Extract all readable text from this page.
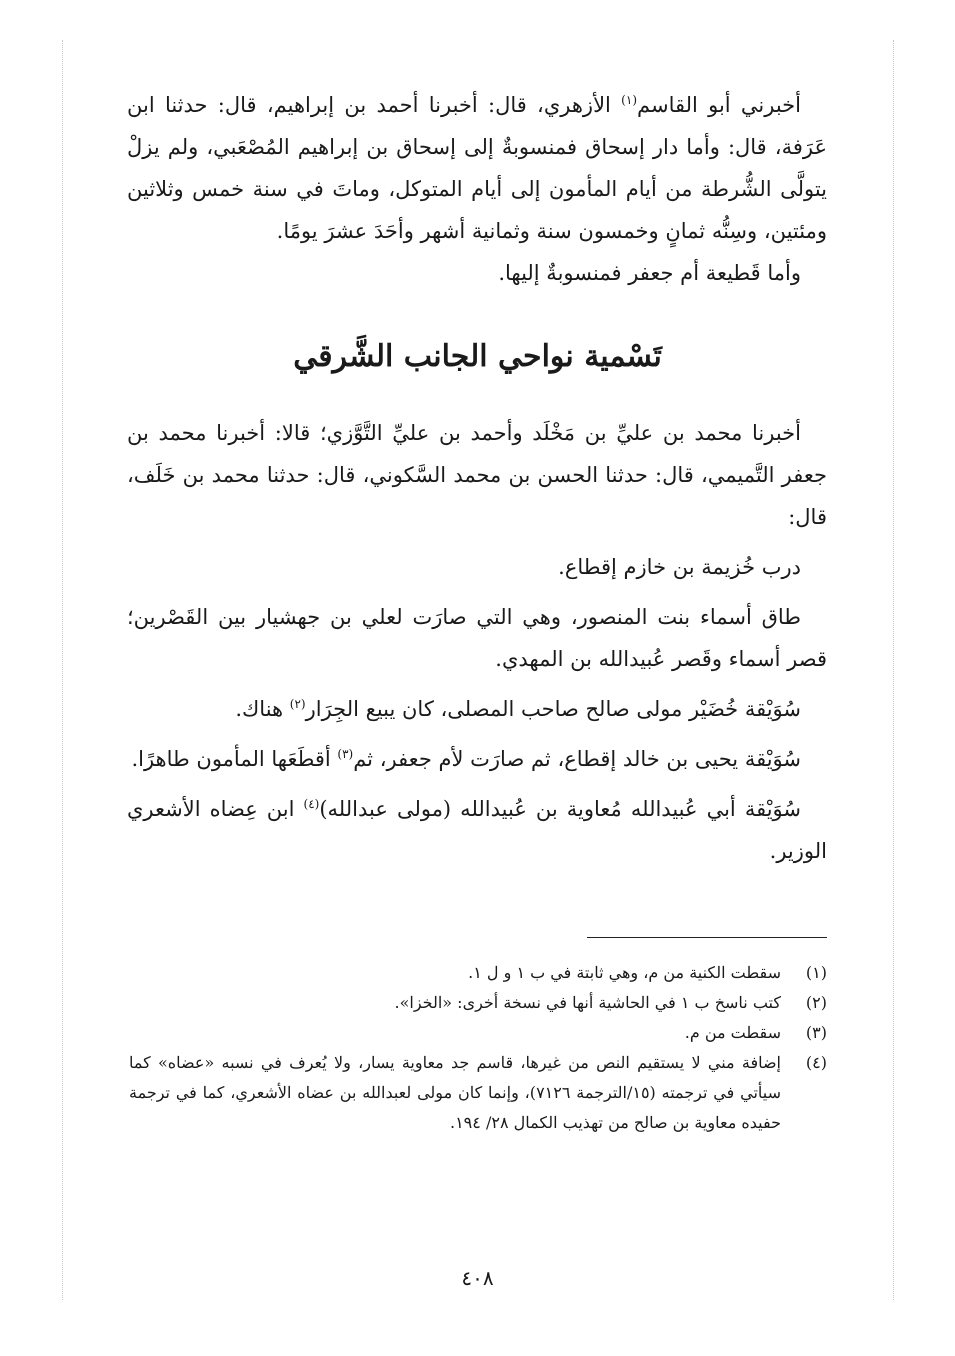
أخبرني أبو القاسم$^{(١)}$ الأزهري، قال: أخبرنا أحمد بن إبراهيم، قال: حدثنا ابن عَرَفة، قال: وأما دار إسحاق فمنسوبةٌ إلى إسحاق بن إبراهيم المُصْعَبي، ولم يزلْ يتولَّى الشُّرطة من أيام المأمون إلى أيام المتوكل، وماتَ في سنة خمس وثلاثين ومئتين، وسِنُّه ثمانٍ وخمسون سنة وثمانية أشهر وأحَدَ عشرَ يومًا.

وأما قَطيعة أم جعفر فمنسوبةٌ إليها.

تَسْمية نواحي الجانب الشَّرقي

أخبرنا محمد بن عليِّ بن مَخْلَد وأحمد بن عليِّ التَّوَّزي؛ قالا: أخبرنا محمد بن جعفر التَّميمي، قال: حدثنا الحسن بن محمد السَّكوني، قال: حدثنا محمد بن خَلَف، قال:

درب خُزيمة بن خازم إقطاع.

طاق أسماء بنت المنصور، وهي التي صارَت لعلي بن جهشيار بين القَصْرين؛ قصر أسماء وقَصر عُبيدالله بن المهدي.

سُوَيْقة خُضَيْر مولى صالح صاحب المصلى، كان يبيع الجِرَار$^{(٢)}$ هناك.

سُوَيْقة يحيى بن خالد إقطاع، ثم صارَت لأم جعفر، ثم$^{(٣)}$ أقطَعَها المأمون طاهرًا.

سُوَيْقة أبي عُبيدالله مُعاوية بن عُبيدالله (مولى عبدالله)$^{(٤)}$ ابن عِضاه الأشعري الوزير.

(١)
سقطت الكنية من م، وهي ثابتة في ب ١ و ل ١.
(٢)
كتب ناسخ ب ١ في الحاشية أنها في نسخة أخرى: «الخزا».
(٣)
سقطت من م.
(٤)
إضافة مني لا يستقيم النص من غيرها، قاسم جد معاوية يسار، ولا يُعرف في نسبه «عضاه» كما سيأتي في ترجمته (١٥/الترجمة ٧١٢٦)، وإنما كان مولى لعبدالله بن عضاه الأشعري، كما في ترجمة حفيده معاوية بن صالح من تهذيب الكمال ٢٨/ ١٩٤.
٤٠٨
